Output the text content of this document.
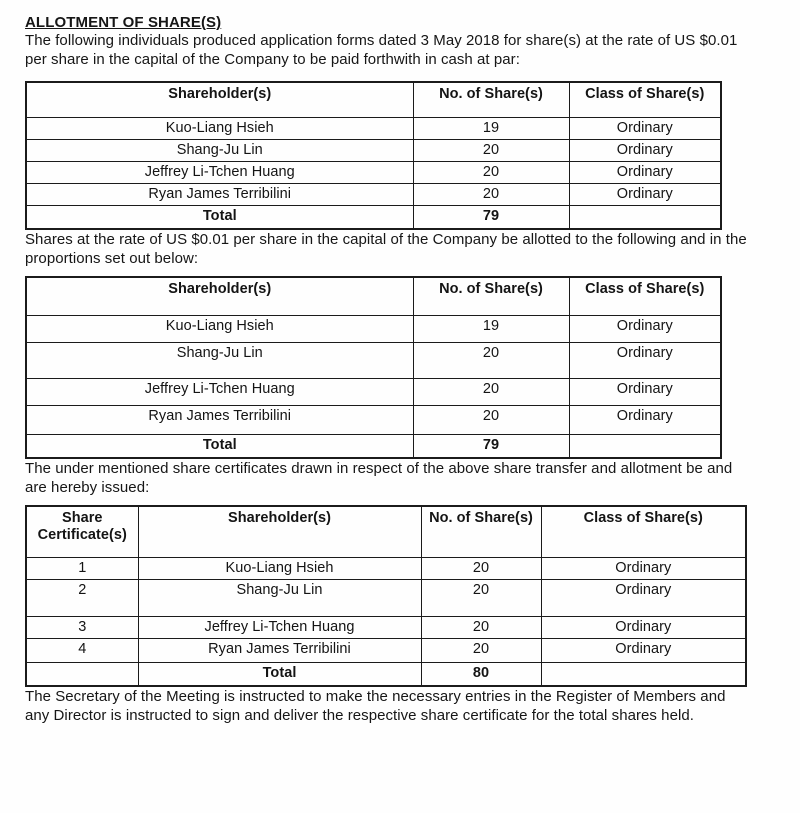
ALLOTMENT OF SHARE(S)

The following individuals produced application forms dated 3 May 2018 for share(s) at the rate of US $0.01 per share in the capital of the Company to be paid forthwith in cash at par:

Shareholder(s)	No. of Share(s)	Class of Share(s)
Kuo-Liang Hsieh	19	Ordinary
Shang-Ju Lin	20	Ordinary
Jeffrey Li-Tchen Huang	20	Ordinary
Ryan James Terribilini	20	Ordinary
Total	79	

Shares at the rate of US $0.01 per share in the capital of the Company be allotted to the following and in the proportions set out below:

Shareholder(s)	No. of Share(s)	Class of Share(s)
Kuo-Liang Hsieh	19	Ordinary
Shang-Ju Lin	20	Ordinary
Jeffrey Li-Tchen Huang	20	Ordinary
Ryan James Terribilini	20	Ordinary
Total	79	

The under mentioned share certificates drawn in respect of the above share transfer and allotment be and are hereby issued:

Share Certificate(s)	Shareholder(s)	No. of Share(s)	Class of Share(s)
1	Kuo-Liang Hsieh	20	Ordinary
2	Shang-Ju Lin	20	Ordinary
3	Jeffrey Li-Tchen Huang	20	Ordinary
4	Ryan James Terribilini	20	Ordinary
	Total	80	

The Secretary of the Meeting is instructed to make the necessary entries in the Register of Members and any Director is instructed to sign and deliver the respective share certificate for the total shares held.
